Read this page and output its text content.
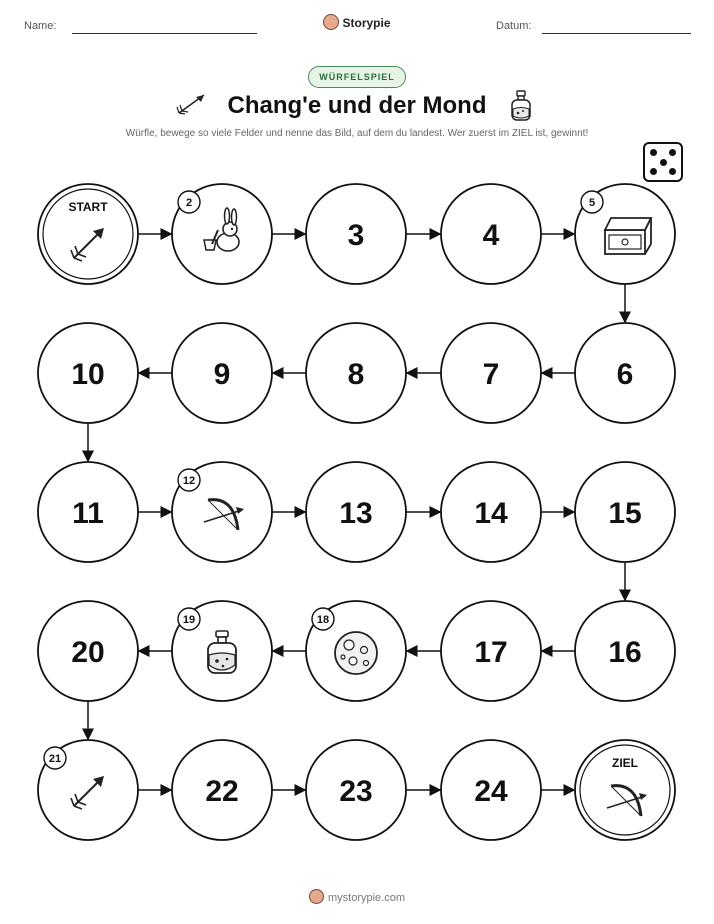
Name:	Storypie	Datum:
WÜRFELSPIEL
Chang'e und der Mond
Würfle, bewege so viele Felder und nenne das Bild, auf dem du landest. Wer zuerst im ZIEL ist, gewinnt!
START	2
3	4
5
6
7
8
9
10
11
12
13	14	15
16
17
18
19
20
21
22	23	24
ZIEL
mystorypie.com
